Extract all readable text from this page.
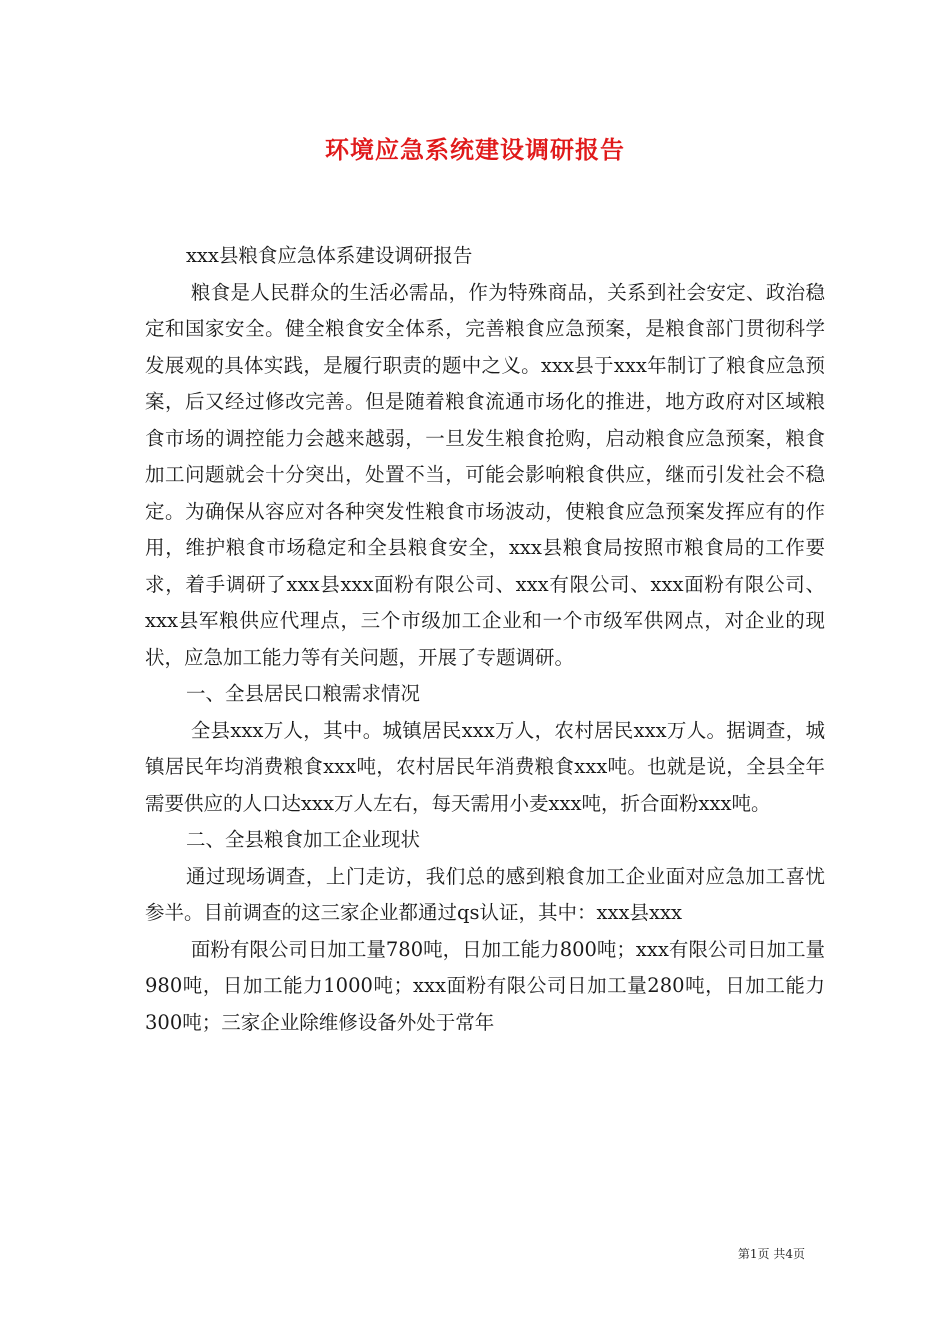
环境应急系统建设调研报告

xxx县粮食应急体系建设调研报告

粮食是人民群众的生活必需品，作为特殊商品，关系到社会安定、政治稳定和国家安全。健全粮食安全体系，完善粮食应急预案，是粮食部门贯彻科学发展观的具体实践，是履行职责的题中之义。xxx县于xxx年制订了粮食应急预案，后又经过修改完善。但是随着粮食流通市场化的推进，地方政府对区域粮食市场的调控能力会越来越弱，一旦发生粮食抢购，启动粮食应急预案，粮食加工问题就会十分突出，处置不当，可能会影响粮食供应，继而引发社会不稳定。为确保从容应对各种突发性粮食市场波动，使粮食应急预案发挥应有的作用，维护粮食市场稳定和全县粮食安全，xxx县粮食局按照市粮食局的工作要求，着手调研了xxx县xxx面粉有限公司、xxx有限公司、xxx面粉有限公司、xxx县军粮供应代理点，三个市级加工企业和一个市级军供网点，对企业的现状，应急加工能力等有关问题，开展了专题调研。

一、全县居民口粮需求情况

全县xxx万人，其中。城镇居民xxx万人，农村居民xxx万人。据调查，城镇居民年均消费粮食xxx吨，农村居民年消费粮食xxx吨。也就是说，全县全年需要供应的人口达xxx万人左右，每天需用小麦xxx吨，折合面粉xxx吨。

二、全县粮食加工企业现状

通过现场调查，上门走访，我们总的感到粮食加工企业面对应急加工喜忧参半。目前调查的这三家企业都通过qs认证，其中：xxx县xxx

面粉有限公司日加工量780吨，日加工能力800吨；xxx有限公司日加工量980吨，日加工能力1000吨；xxx面粉有限公司日加工量280吨，日加工能力300吨；三家企业除维修设备外处于常年

第1页 共4页
